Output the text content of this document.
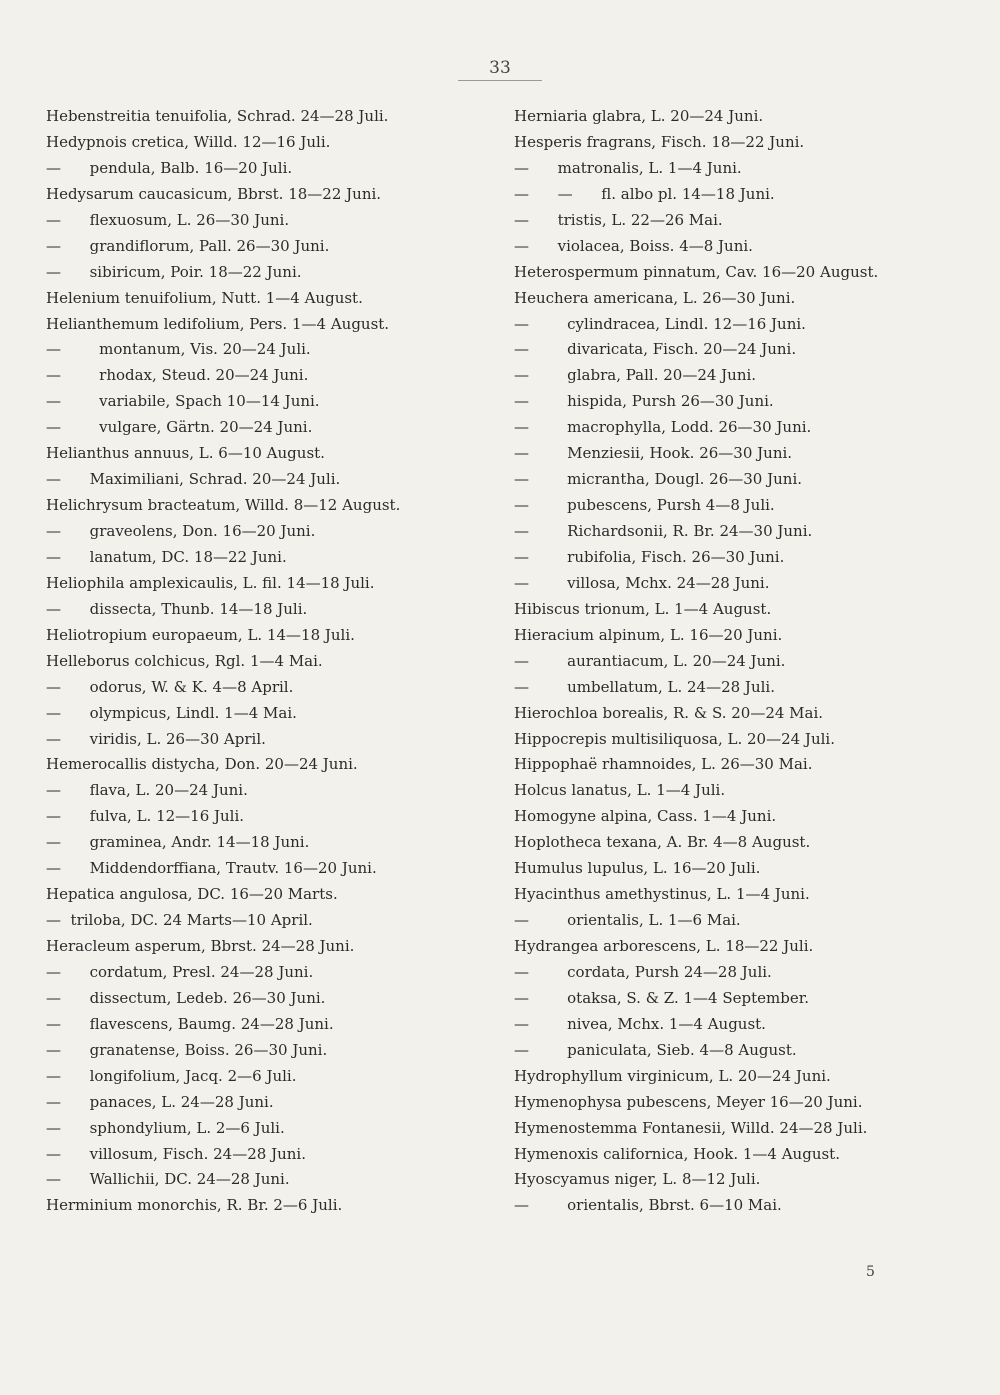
33
Hebenstreitia tenuifolia, Schrad. 24—28 Juli.
Hedypnois cretica, Willd. 12—16 Juli.
—      pendula, Balb. 16—20 Juli.
Hedysarum caucasicum, Bbrst. 18—22 Juni.
—      flexuosum, L. 26—30 Juni.
—      grandiflorum, Pall. 26—30 Juni.
—      sibiricum, Poir. 18—22 Juni.
Helenium tenuifolium, Nutt. 1—4 August.
Helianthemum ledifolium, Pers. 1—4 August.
—        montanum, Vis. 20—24 Juli.
—        rhodax, Steud. 20—24 Juni.
—        variabile, Spach 10—14 Juni.
—        vulgare, Gärtn. 20—24 Juni.
Helianthus annuus, L. 6—10 August.
—      Maximiliani, Schrad. 20—24 Juli.
Helichrysum bracteatum, Willd. 8—12 August.
—      graveolens, Don. 16—20 Juni.
—      lanatum, DC. 18—22 Juni.
Heliophila amplexicaulis, L. fil. 14—18 Juli.
—      dissecta, Thunb. 14—18 Juli.
Heliotropium europaeum, L. 14—18 Juli.
Helleborus colchicus, Rgl. 1—4 Mai.
—      odorus, W. & K. 4—8 April.
—      olympicus, Lindl. 1—4 Mai.
—      viridis, L. 26—30 April.
Hemerocallis distycha, Don. 20—24 Juni.
—      flava, L. 20—24 Juni.
—      fulva, L. 12—16 Juli.
—      graminea, Andr. 14—18 Juni.
—      Middendorffiana, Trautv. 16—20 Juni.
Hepatica angulosa, DC. 16—20 Marts.
—  triloba, DC. 24 Marts—10 April.
Heracleum asperum, Bbrst. 24—28 Juni.
—      cordatum, Presl. 24—28 Juni.
—      dissectum, Ledeb. 26—30 Juni.
—      flavescens, Baumg. 24—28 Juni.
—      granatense, Boiss. 26—30 Juni.
—      longifolium, Jacq. 2—6 Juli.
—      panaces, L. 24—28 Juni.
—      sphondylium, L. 2—6 Juli.
—      villosum, Fisch. 24—28 Juni.
—      Wallichii, DC. 24—28 Juni.
Herminium monorchis, R. Br. 2—6 Juli.
Herniaria glabra, L. 20—24 Juni.
Hesperis fragrans, Fisch. 18—22 Juni.
—      matronalis, L. 1—4 Juni.
—      —      fl. albo pl. 14—18 Juni.
—      tristis, L. 22—26 Mai.
—      violacea, Boiss. 4—8 Juni.
Heterospermum pinnatum, Cav. 16—20 August.
Heuchera americana, L. 26—30 Juni.
—        cylindracea, Lindl. 12—16 Juni.
—        divaricata, Fisch. 20—24 Juni.
—        glabra, Pall. 20—24 Juni.
—        hispida, Pursh 26—30 Juni.
—        macrophylla, Lodd. 26—30 Juni.
—        Menziesii, Hook. 26—30 Juni.
—        micrantha, Dougl. 26—30 Juni.
—        pubescens, Pursh 4—8 Juli.
—        Richardsonii, R. Br. 24—30 Juni.
—        rubifolia, Fisch. 26—30 Juni.
—        villosa, Mchx. 24—28 Juni.
Hibiscus trionum, L. 1—4 August.
Hieracium alpinum, L. 16—20 Juni.
—        aurantiacum, L. 20—24 Juni.
—        umbellatum, L. 24—28 Juli.
Hierochloa borealis, R. & S. 20—24 Mai.
Hippocrepis multisiliquosa, L. 20—24 Juli.
Hippophaë rhamnoides, L. 26—30 Mai.
Holcus lanatus, L. 1—4 Juli.
Homogyne alpina, Cass. 1—4 Juni.
Hoplotheca texana, A. Br. 4—8 August.
Humulus lupulus, L. 16—20 Juli.
Hyacinthus amethystinus, L. 1—4 Juni.
—        orientalis, L. 1—6 Mai.
Hydrangea arborescens, L. 18—22 Juli.
—        cordata, Pursh 24—28 Juli.
—        otaksa, S. & Z. 1—4 September.
—        nivea, Mchx. 1—4 August.
—        paniculata, Sieb. 4—8 August.
Hydrophyllum virginicum, L. 20—24 Juni.
Hymenophysa pubescens, Meyer 16—20 Juni.
Hymenostemma Fontanesii, Willd. 24—28 Juli.
Hymenoxis californica, Hook. 1—4 August.
Hyoscyamus niger, L. 8—12 Juli.
—        orientalis, Bbrst. 6—10 Mai.
5
